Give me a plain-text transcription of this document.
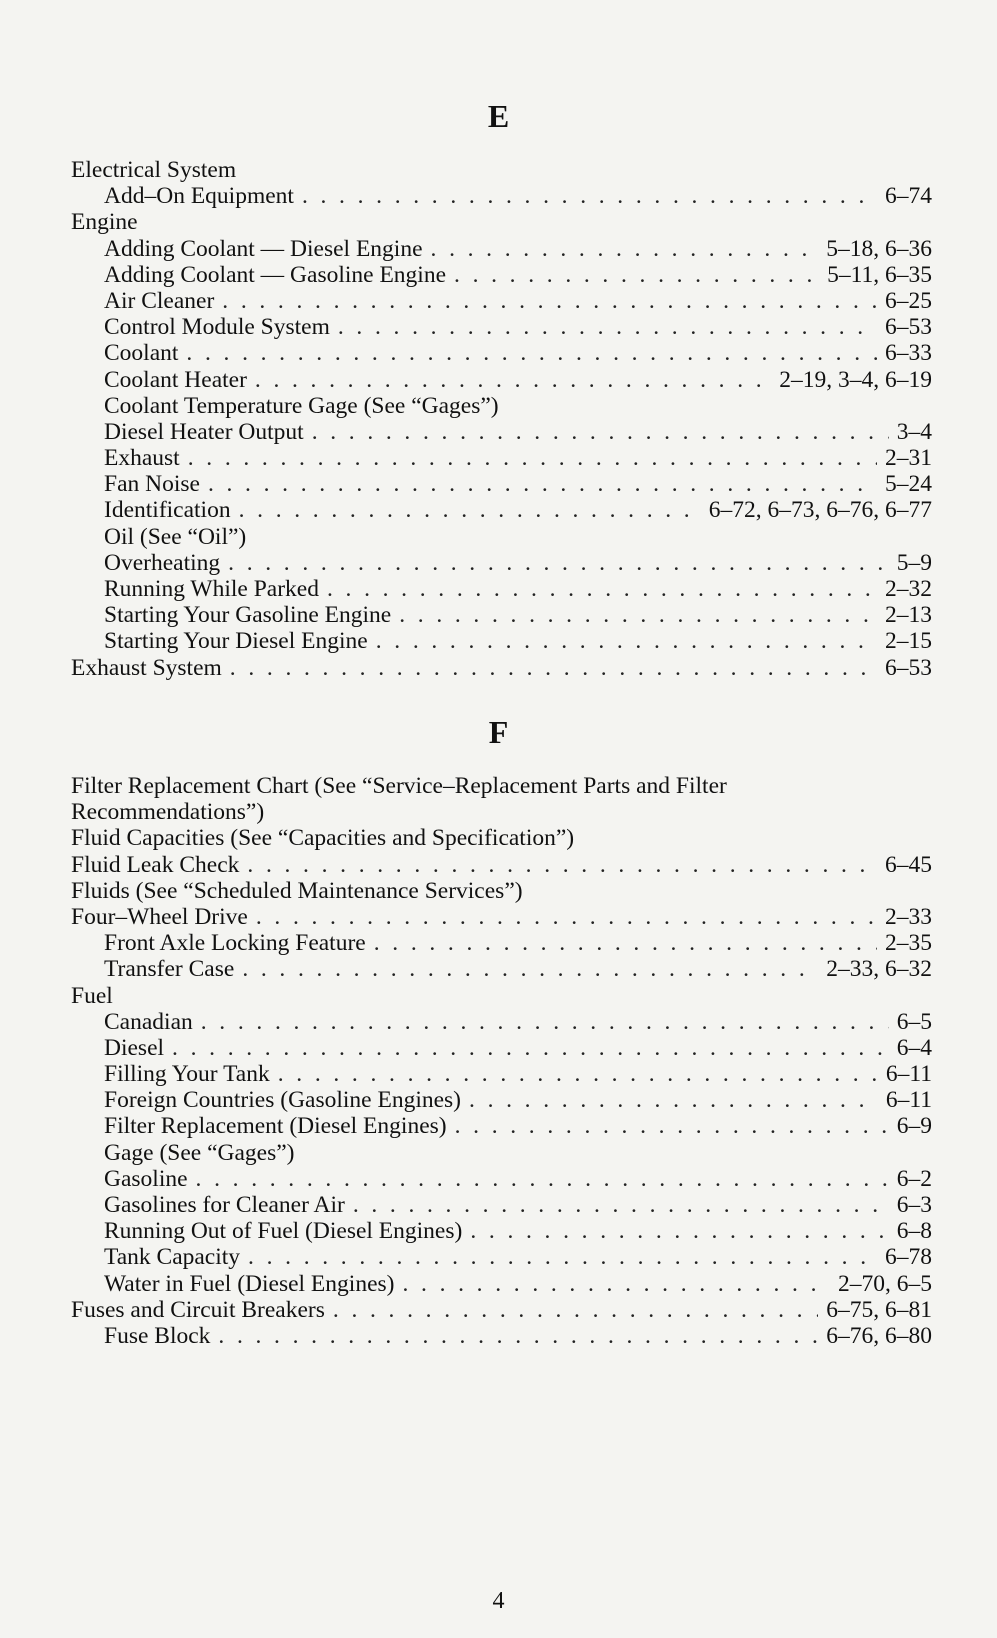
E
Electrical System
Add–On Equipment . . .	6–74
Engine
Adding Coolant — Diesel Engine . . .	5–18, 6–36
Adding Coolant — Gasoline Engine . . .	5–11, 6–35
Air Cleaner . . .	6–25
Control Module System . . .	6–53
Coolant . . .	6–33
Coolant Heater . . .	2–19, 3–4, 6–19
Coolant Temperature Gage (See “Gages”)
Diesel Heater Output . . .	3–4
Exhaust . . .	2–31
Fan Noise . . .	5–24
Identification . . .	6–72, 6–73, 6–76, 6–77
Oil (See “Oil”)
Overheating . . .	5–9
Running While Parked . . .	2–32
Starting Your Gasoline Engine . . .	2–13
Starting Your Diesel Engine . . .	2–15
Exhaust System . . .	6–53
F
Filter Replacement Chart (See “Service–Replacement Parts and Filter Recommendations”)
Fluid Capacities (See “Capacities and Specification”)
Fluid Leak Check . . .	6–45
Fluids (See “Scheduled Maintenance Services”)
Four–Wheel Drive . . .	2–33
Front Axle Locking Feature . . .	2–35
Transfer Case . . .	2–33, 6–32
Fuel
Canadian . . .	6–5
Diesel . . .	6–4
Filling Your Tank . . .	6–11
Foreign Countries (Gasoline Engines) . . .	6–11
Filter Replacement (Diesel Engines) . . .	6–9
Gage (See “Gages”)
Gasoline . . .	6–2
Gasolines for Cleaner Air . . .	6–3
Running Out of Fuel (Diesel Engines) . . .	6–8
Tank Capacity . . .	6–78
Water in Fuel (Diesel Engines) . . .	2–70, 6–5
Fuses and Circuit Breakers . . .	6–75, 6–81
Fuse Block . . .	6–76, 6–80
4
